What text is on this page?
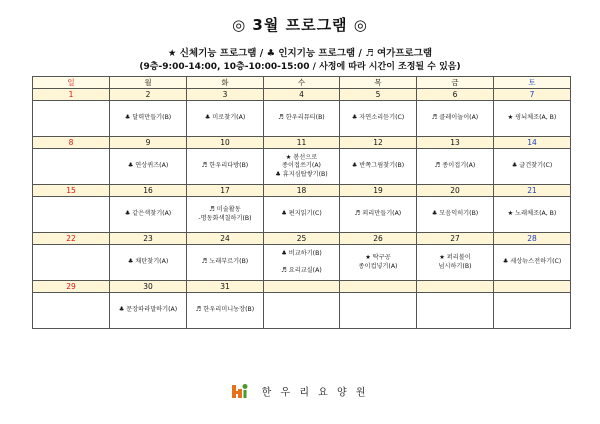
◎ 3월 프로그램 ◎
★ 신체기능 프로그램 / ♣ 인지기능 프로그램 / ♬ 여가프로그램
(9층-9:00-14:00, 10층-10:00-15:00 / 사정에 따라 시간이 조정될 수 있음)
일	월	화	수	목	금	토
1	2	3	4	5	6	7
	♣ 달력만들기(B)	♣ 미로찾기(A)	♬ 한우리뮤티(B)	♣ 자연소리듣기(C)	♬ 클레이놀이(A)	★ 핑뇌체조(A, B)
8	9	10	11	12	13	14
	♣ 연상퀴즈(A)	♬ 한우리다방(B)	★ 봄선으로
종이접쓰기(A)
♣ 휴지심탑쌓기(B)	♣ 반쪽그림찾기(B)	♬ 종이접기(A)	♣ 글건찾기(C)
15	16	17	18	19	20	21
	♣ 같은색찾기(A)	♬ 미술활동
-명동화색칠하기(B)	♣ 편지읽기(C)	♬ 꾀리만들기(A)	♣ 모음익히기(B)	★ 노래체조(A, B)
22	23	24	25	26	27	28
	♣ 채탄찾기(A)	♬ 노래부르기(B)	♣ 비교하기(B)

♬ 요리교실(A)	★ 탁구공
종이컵넣기(A)	★ 퍼리볼이
넘시하기(B)	♣ 세상뉴스전하기(C)
29	30	31				
	♣ 문장따라말하기(A)	♬ 한우리미니농장(B)				
한 우 리 요 양 원
